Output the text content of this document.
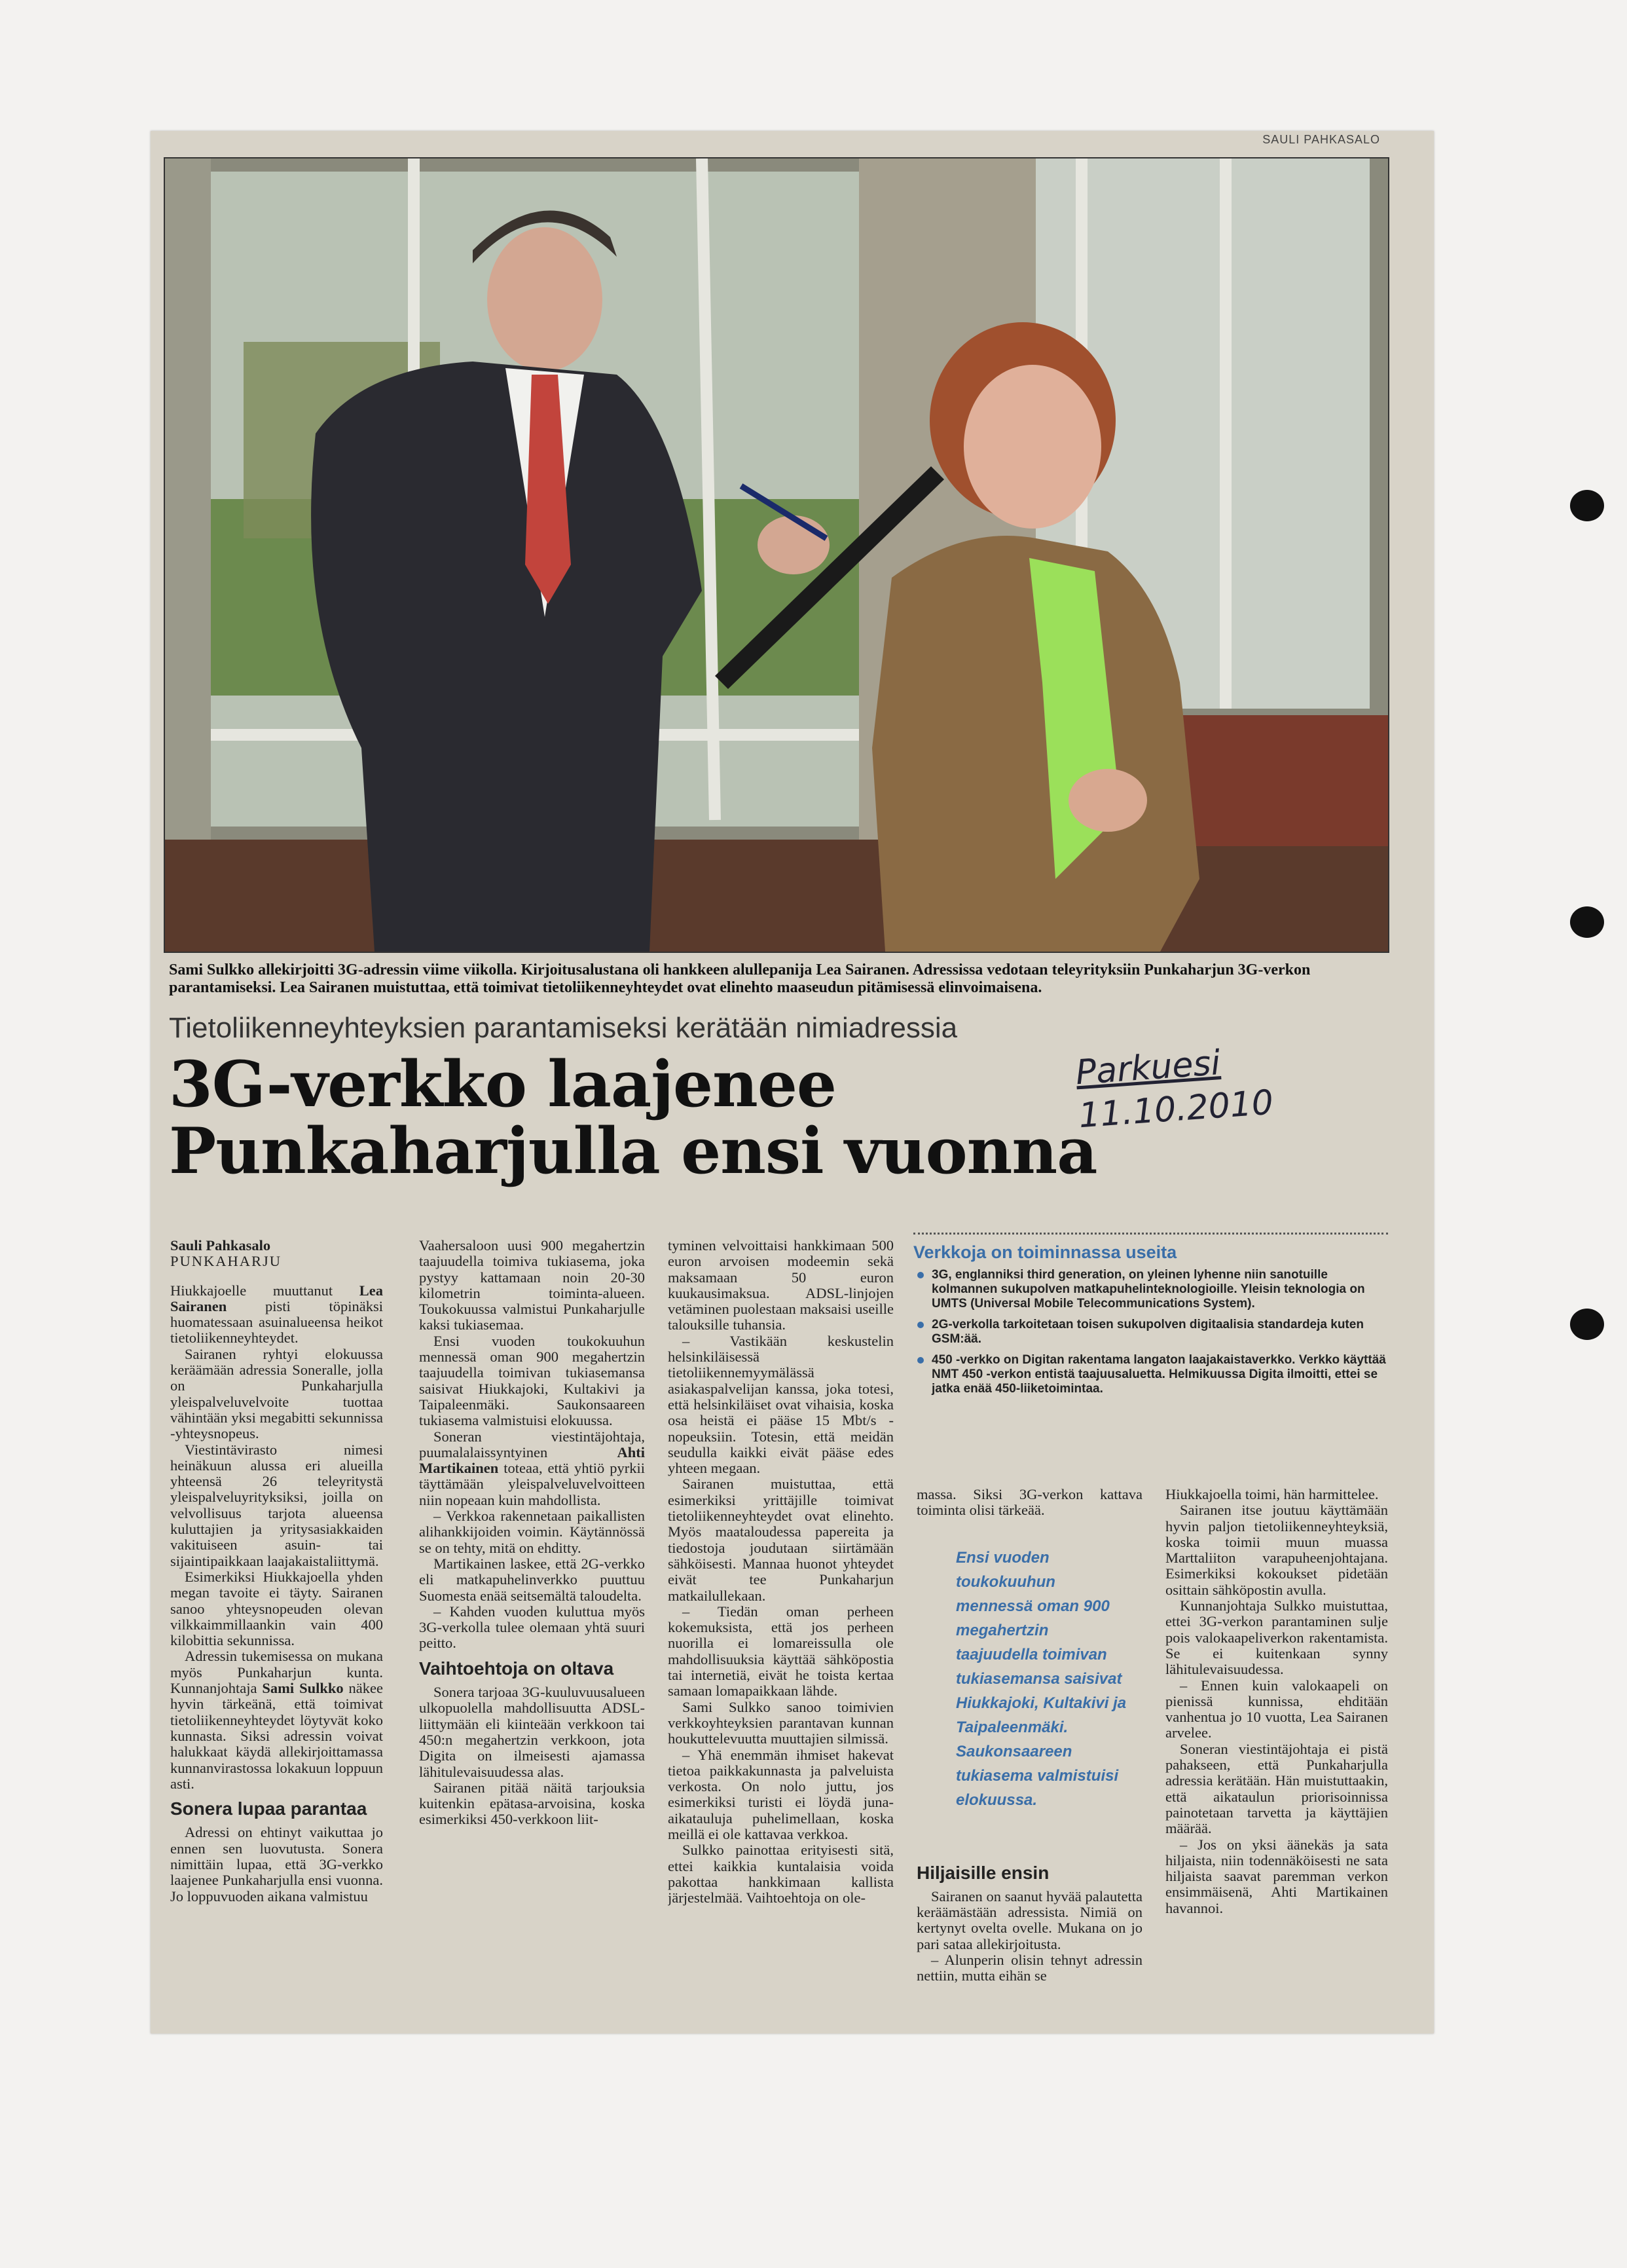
SAULI PAHKASALO
Sami Sulkko allekirjoitti 3G-adressin viime viikolla. Kirjoitusalustana oli hankkeen alullepanija Lea Sairanen. Adressissa vedotaan teleyrityksiin Punkaharjun 3G-verkon parantamiseksi. Lea Sairanen muistuttaa, että toimivat tietoliikenneyhteydet ovat elinehto maaseudun pitämisessä elinvoimaisena.
Tietoliikenneyhteyksien parantamiseksi kerätään nimiadressia
3G-verkko laajenee
Punkaharjulla ensi vuonna
Parkuesi
11.10.2010

Sauli Pahkasalo

PUNKAHARJU

Hiukkajoelle muuttanut Lea Sairanen pisti töpinäksi huomatessaan asuinalueensa heikot tietoliikenneyhteydet.

Sairanen ryhtyi elokuussa keräämään adressia Soneralle, jolla on Punkaharjulla yleispalveluvelvoite tuottaa vähintään yksi megabitti sekunnissa -yhteysnopeus.

Viestintävirasto nimesi heinäkuun alussa eri alueilla yhteensä 26 teleyritystä yleispalveluyrityksiksi, joilla on velvollisuus tarjota alueensa kuluttajien ja yritysasiakkaiden vakituiseen asuin- tai sijaintipaikkaan laajakaistaliittymä.

Esimerkiksi Hiukkajoella yhden megan tavoite ei täyty. Sairanen sanoo yhteysnopeuden olevan vilkkaimmillaankin vain 400 kilobittia sekunnissa.

Adressin tukemisessa on mukana myös Punkaharjun kunta. Kunnanjohtaja Sami Sulkko näkee hyvin tärkeänä, että toimivat tietoliikenneyhteydet löytyvät koko kunnasta. Siksi adressin voivat halukkaat käydä allekirjoittamassa kunnanvirastossa lokakuun loppuun asti.

Sonera lupaa parantaa

Adressi on ehtinyt vaikuttaa jo ennen sen luovutusta. Sonera nimittäin lupaa, että 3G-verkko laajenee Punkaharjulla ensi vuonna. Jo loppuvuoden aikana valmistuu

Vaahersaloon uusi 900 megahertzin taajuudella toimiva tukiasema, joka pystyy kattamaan noin 20-30 kilometrin toiminta-alueen. Toukokuussa valmistui Punkaharjulle kaksi tukiasemaa.

Ensi vuoden toukokuuhun mennessä oman 900 megahertzin taajuudella toimivan tukiasemansa saisivat Hiukkajoki, Kultakivi ja Taipaleenmäki. Saukonsaareen tukiasema valmistuisi elokuussa.

Soneran viestintäjohtaja, puumalalaissyntyinen Ahti Martikainen toteaa, että yhtiö pyrkii täyttämään yleispalveluvelvoitteen niin nopeaan kuin mahdollista.

– Verkkoa rakennetaan paikallisten alihankkijoiden voimin. Käytännössä se on tehty, mitä on ehditty.

Martikainen laskee, että 2G-verkko eli matkapuhelinverkko puuttuu Suomesta enää seitsemältä taloudelta.

– Kahden vuoden kuluttua myös 3G-verkolla tulee olemaan yhtä suuri peitto.

Vaihtoehtoja on oltava

Sonera tarjoaa 3G-kuuluvuusalueen ulkopuolella mahdollisuutta ADSL-liittymään eli kiinteään verkkoon tai 450:n megahertzin verkkoon, jota Digita on ilmeisesti ajamassa lähitulevaisuudessa alas.

Sairanen pitää näitä tarjouksia kuitenkin epätasa-arvoisina, koska esimerkiksi 450-verkkoon liit-

tyminen velvoittaisi hankkimaan 500 euron arvoisen modeemin sekä maksamaan 50 euron kuukausimaksua. ADSL-linjojen vetäminen puolestaan maksaisi useille talouksille tuhansia.

– Vastikään keskustelin helsinkiläisessä tietoliikennemyymälässä asiakaspalvelijan kanssa, joka totesi, että helsinkiläiset ovat vihaisia, koska osa heistä ei pääse 15 Mbt/s -nopeuksiin. Totesin, että meidän seudulla kaikki eivät pääse edes yhteen megaan.

Sairanen muistuttaa, että esimerkiksi yrittäjille toimivat tietoliikenneyhteydet ovat elinehto. Myös maataloudessa papereita ja tiedostoja joudutaan siirtämään sähköisesti. Mannaa huonot yhteydet eivät tee Punkaharjun matkailullekaan.

– Tiedän oman perheen kokemuksista, että jos perheen nuorilla ei lomareissulla ole mahdollisuuksia käyttää sähköpostia tai internetiä, eivät he toista kertaa samaan lomapaikkaan lähde.

Sami Sulkko sanoo toimivien verkkoyhteyksien parantavan kunnan houkuttelevuutta muuttajien silmissä.

– Yhä enemmän ihmiset hakevat tietoa paikkakunnasta ja palveluista verkosta. On nolo juttu, jos esimerkiksi turisti ei löydä juna-aikatauluja puhelimellaan, koska meillä ei ole kattavaa verkkoa.

Sulkko painottaa erityisesti sitä, ettei kaikkia kuntalaisia voida pakottaa hankkimaan kallista järjestelmää. Vaihtoehtoja on ole-

Verkkoja on toiminnassa useita
3G, englanniksi third generation, on yleinen lyhenne niin sanotuille kolmannen sukupolven matkapuhelinteknologioille. Yleisin teknologia on UMTS (Universal Mobile Telecommunications System).
2G-verkolla tarkoitetaan toisen sukupolven digitaalisia standardeja kuten GSM:ää.
450 -verkko on Digitan rakentama langaton laajakaistaverkko. Verkko käyttää NMT 450 -verkon entistä taajuusaluetta. Helmikuussa Digita ilmoitti, ettei se jatka enää 450-liiketoimintaa.

massa. Siksi 3G-verkon kattava toiminta olisi tärkeää.

Hiljaisille ensin

Sairanen on saanut hyvää palautetta keräämästään adressista. Nimiä on kertynyt ovelta ovelle. Mukana on jo pari sataa allekirjoitusta.

– Alunperin olisin tehnyt adressin nettiin, mutta eihän se

Ensi vuoden toukokuuhun mennessä oman 900 megahertzin taajuudella toimivan tukiasemansa saisivat Hiukkajoki, Kultakivi ja Taipaleenmäki. Saukonsaareen tukiasema valmistuisi elokuussa.

Hiukkajoella toimi, hän harmittelee.

Sairanen itse joutuu käyttämään hyvin paljon tietoliikenneyhteyksiä, koska toimii muun muassa Marttaliiton varapuheenjohtajana. Esimerkiksi kokoukset pidetään osittain sähköpostin avulla.

Kunnanjohtaja Sulkko muistuttaa, ettei 3G-verkon parantaminen sulje pois valokaapeliverkon rakentamista. Se ei kuitenkaan synny lähitulevaisuudessa.

– Ennen kuin valokaapeli on pienissä kunnissa, ehditään vanhentua jo 10 vuotta, Lea Sairanen arvelee.

Soneran viestintäjohtaja ei pistä pahakseen, että Punkaharjulla adressia kerätään. Hän muistuttaakin, että aikataulun priorisoinnissa painotetaan tarvetta ja käyttäjien määrää.

– Jos on yksi äänekäs ja sata hiljaista, niin todennäköisesti ne sata hiljaista saavat paremman verkon ensimmäisenä, Ahti Martikainen havannoi.
